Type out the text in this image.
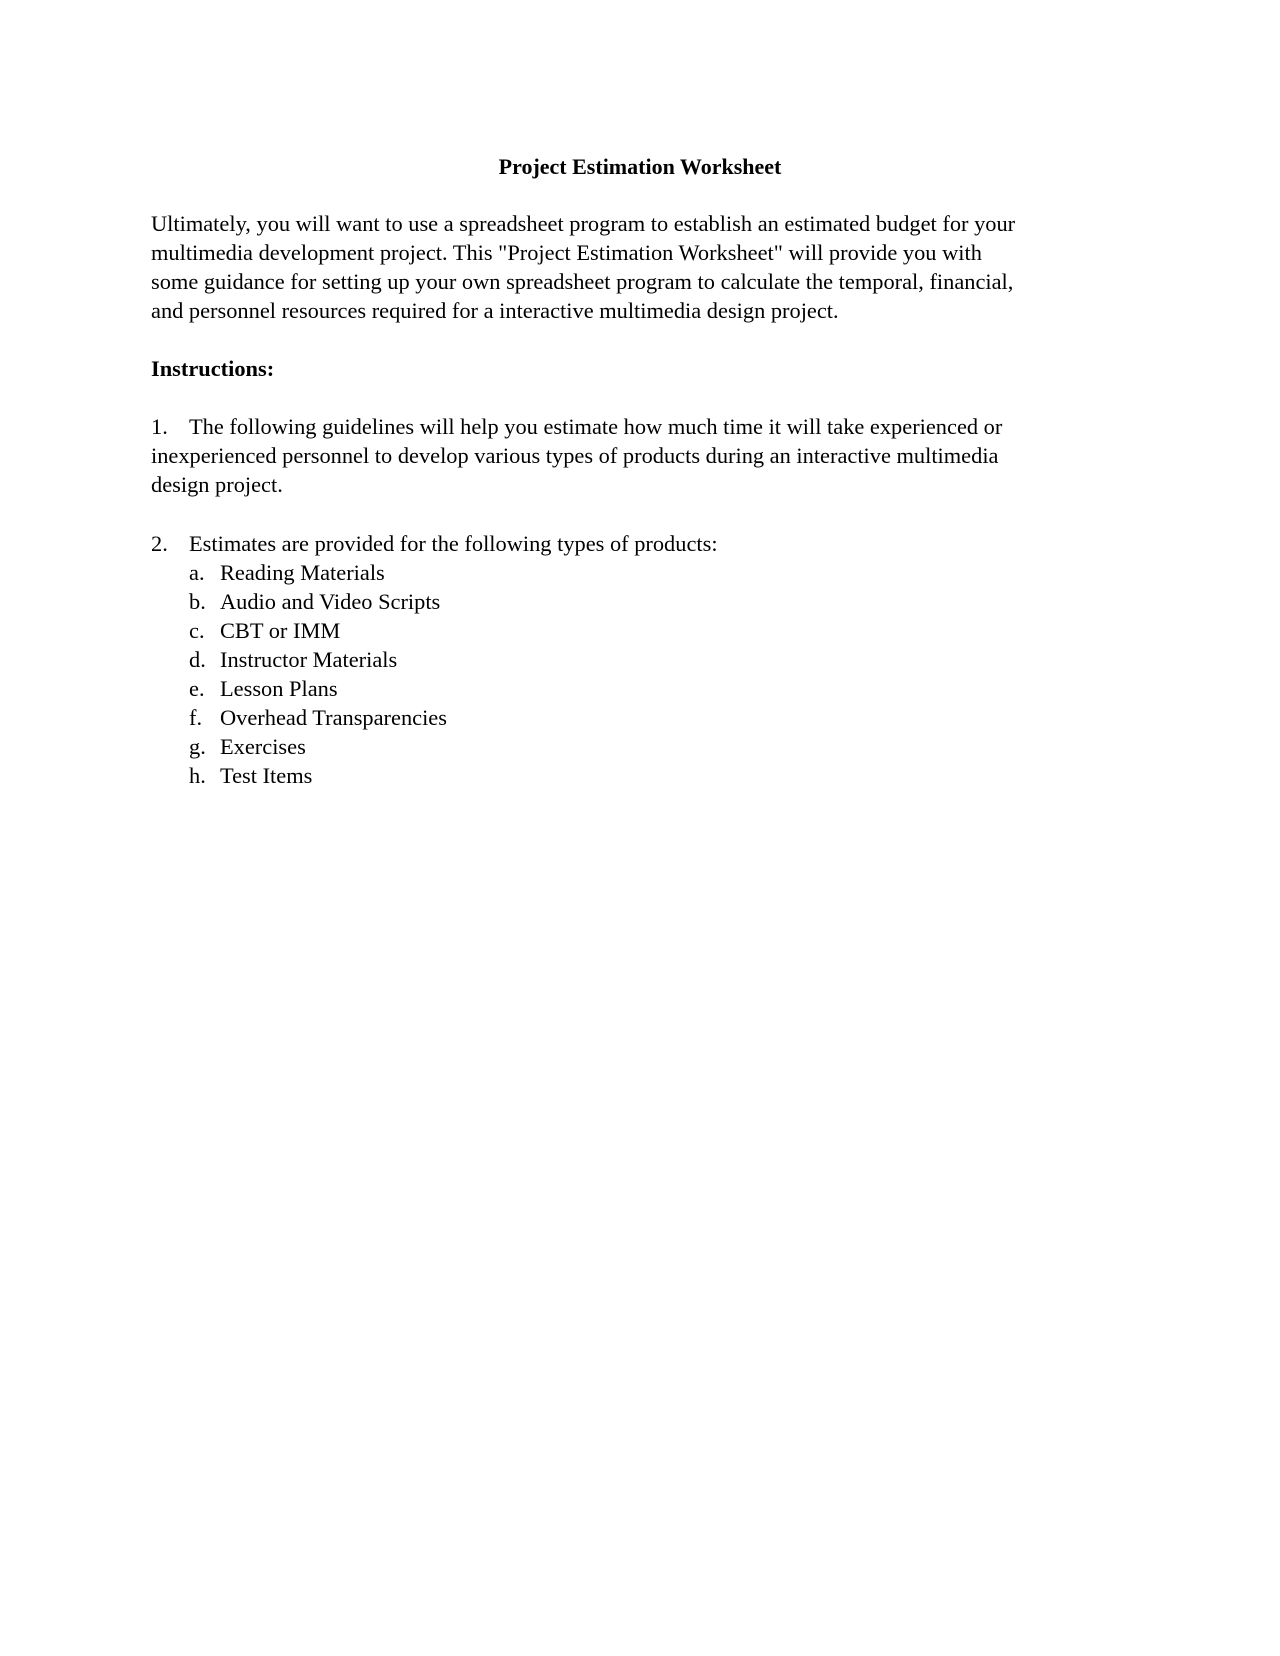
Project Estimation Worksheet

Ultimately, you will want to use a spreadsheet program to establish an estimated budget for your
multimedia development project. This "Project Estimation Worksheet" will provide you with
some guidance for setting up your own spreadsheet program to calculate the temporal, financial,
and personnel resources required for a interactive multimedia design project.

Instructions:
1. The following guidelines will help you estimate how much time it will take experienced or
inexperienced personnel to develop various types of products during an interactive multimedia
design project.
2. Estimates are provided for the following types of products:
a. Reading Materials
b. Audio and Video Scripts
c. CBT or IMM
d. Instructor Materials
e. Lesson Plans
f. Overhead Transparencies
g. Exercises
h. Test Items
